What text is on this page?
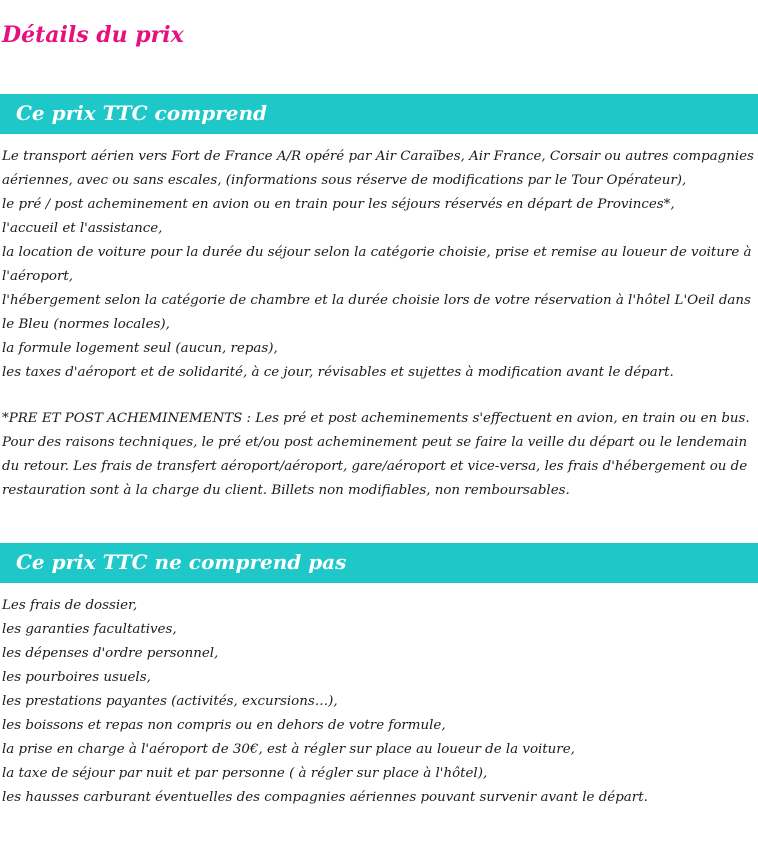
Détails du prix
Ce prix TTC comprend
Le transport aérien vers Fort de France A/R opéré par Air Caraïbes, Air France, Corsair ou autres compagnies aériennes, avec ou sans escales, (informations sous réserve de modifications par le Tour Opérateur),
le pré / post acheminement en avion ou en train pour les séjours réservés en départ de Provinces*,
l'accueil et l'assistance,
la location de voiture pour la durée du séjour selon la catégorie choisie, prise et remise au loueur de voiture à l'aéroport,
l'hébergement selon la catégorie de chambre et la durée choisie lors de votre réservation à l'hôtel L'Oeil dans le Bleu (normes locales),
la formule logement seul (aucun, repas),
les taxes d'aéroport et de solidarité, à ce jour, révisables et sujettes à modification avant le départ.

*PRE ET POST ACHEMINEMENTS : Les pré et post acheminements s'effectuent en avion, en train ou en bus. Pour des raisons techniques, le pré et/ou post acheminement peut se faire la veille du départ ou le lendemain du retour. Les frais de transfert aéroport/aéroport, gare/aéroport et vice-versa, les frais d'hébergement ou de restauration sont à la charge du client. Billets non modifiables, non remboursables.

Ce prix TTC ne comprend pas
Les frais de dossier,
les garanties facultatives,
les dépenses d'ordre personnel,
les pourboires usuels,
les prestations payantes (activités, excursions…),
les boissons et repas non compris ou en dehors de votre formule,
la prise en charge à l'aéroport de 30€, est à régler sur place au loueur de la voiture,
la taxe de séjour par nuit et par personne ( à régler sur place à l'hôtel),
les hausses carburant éventuelles des compagnies aériennes pouvant survenir avant le départ.
